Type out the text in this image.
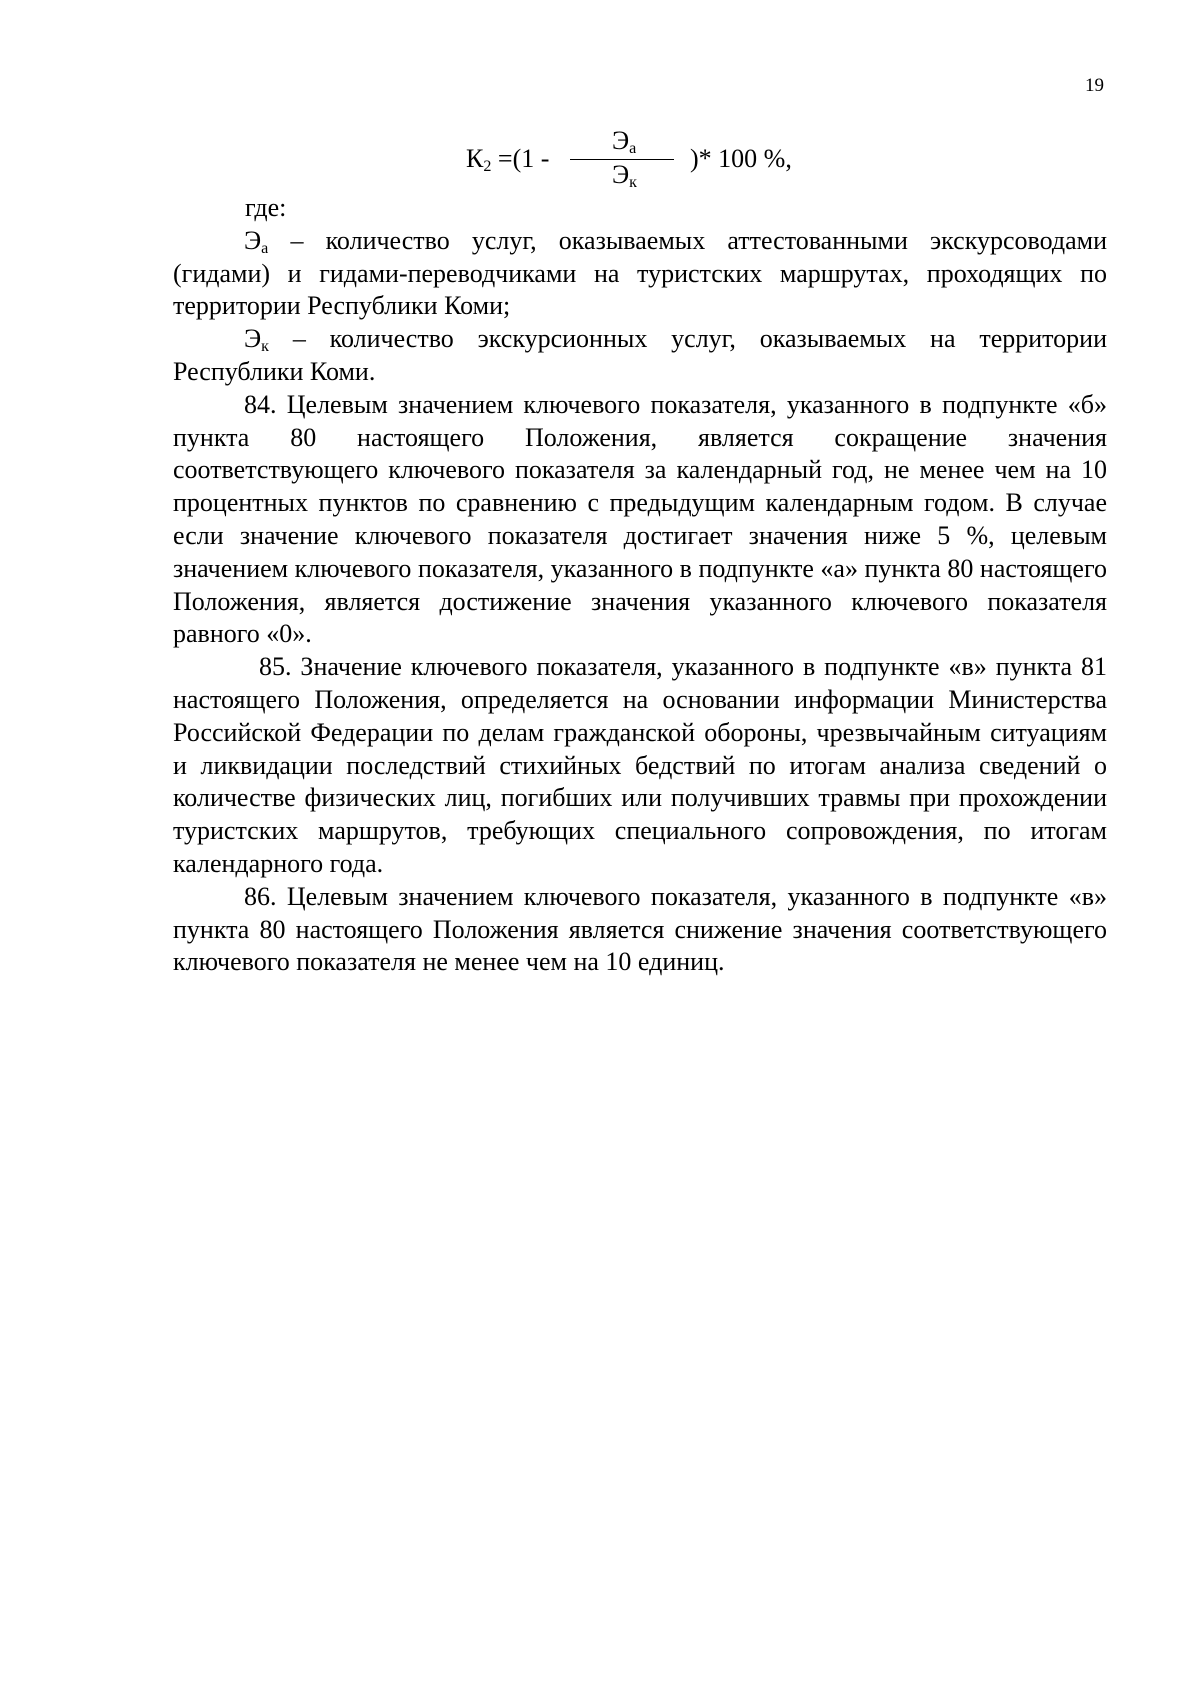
19
$К_2 =(1$ -
$Э_а$
$Э_к$
)* 100 %,

где:

$Э_а$ – количество услуг, оказываемых аттестованными экскурсоводами (гидами) и гидами-переводчиками на туристских маршрутах, проходящих по территории Республики Коми;

$Э_к$ – количество экскурсионных услуг, оказываемых на территории Республики Коми.

84. Целевым значением ключевого показателя, указанного в подпункте «б» пункта 80 настоящего Положения, является сокращение значения соответствующего ключевого показателя за календарный год, не менее чем на 10 процентных пунктов по сравнению с предыдущим календарным годом. В случае если значение ключевого показателя достигает значения ниже 5 %, целевым значением ключевого показателя, указанного в подпункте «а» пункта 80 настоящего Положения, является достижение значения указанного ключевого показателя равного «0».

85. Значение ключевого показателя, указанного в подпункте «в» пункта 81 настоящего Положения, определяется на основании информации Министерства Российской Федерации по делам гражданской обороны, чрезвычайным ситуациям и ликвидации последствий стихийных бедствий по итогам анализа сведений о количестве физических лиц, погибших или получивших травмы при прохождении туристских маршрутов, требующих специального сопровождения, по итогам календарного года.

86. Целевым значением ключевого показателя, указанного в подпункте «в» пункта 80 настоящего Положения является снижение значения соответствующего ключевого показателя не менее чем на 10 единиц.
